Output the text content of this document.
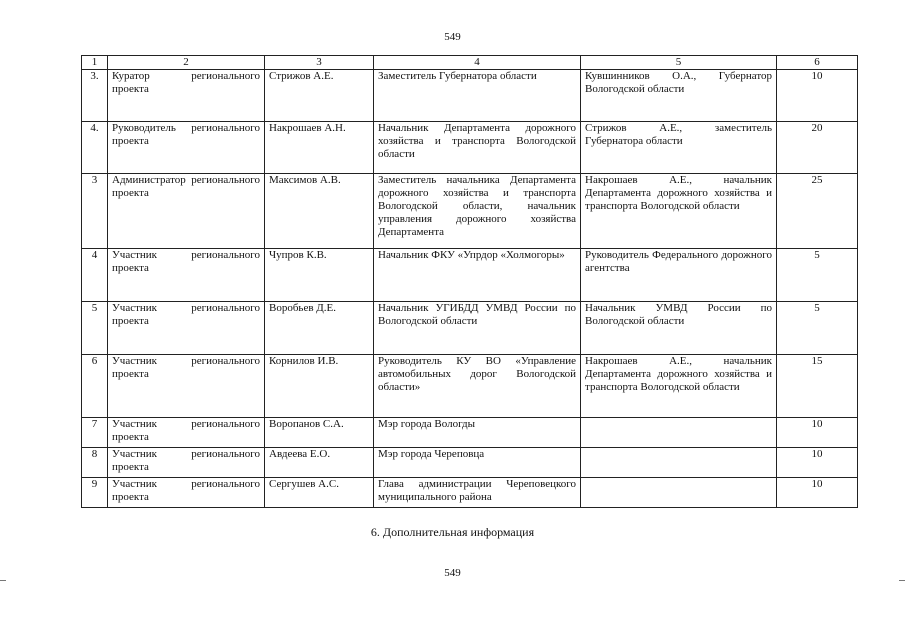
549
1	2	3	4	5	6
3.	Куратор регионального проекта	Стрижов А.Е.	Заместитель Губернатора области	Кувшинников О.А., Губернатор Вологодской области	10
4.	Руководитель регионального проекта	Накрошаев А.Н.	Начальник Департамента дорожного хозяйства и транспорта Вологодской области	Стрижов А.Е., заместитель Губернатора области	20
3	Администратор регионального проекта	Максимов А.В.	Заместитель начальника Департамента дорожного хозяйства и транспорта Вологодской области, начальник управления дорожного хозяйства Департамента	Накрошаев А.Е., начальник Департамента дорожного хозяйства и транспорта Вологодской области	25
4	Участник регионального проекта	Чупров К.В.	Начальник ФКУ «Упрдор «Холмогоры»	Руководитель Федерального дорожного агентства	5
5	Участник регионального проекта	Воробьев Д.Е.	Начальник УГИБДД УМВД России по Вологодской области	Начальник УМВД России по Вологодской области	5
6	Участник регионального проекта	Корнилов И.В.	Руководитель КУ ВО «Управление автомобильных дорог Вологодской области»	Накрошаев А.Е., начальник Департамента дорожного хозяйства и транспорта Вологодской области	15
7	Участник регионального проекта	Воропанов С.А.	Мэр города Вологды		10
8	Участник регионального проекта	Авдеева Е.О.	Мэр города Череповца		10
9	Участник регионального проекта	Сергушев А.С.	Глава администрации Череповецкого муниципального района		10
6. Дополнительная информация
549
